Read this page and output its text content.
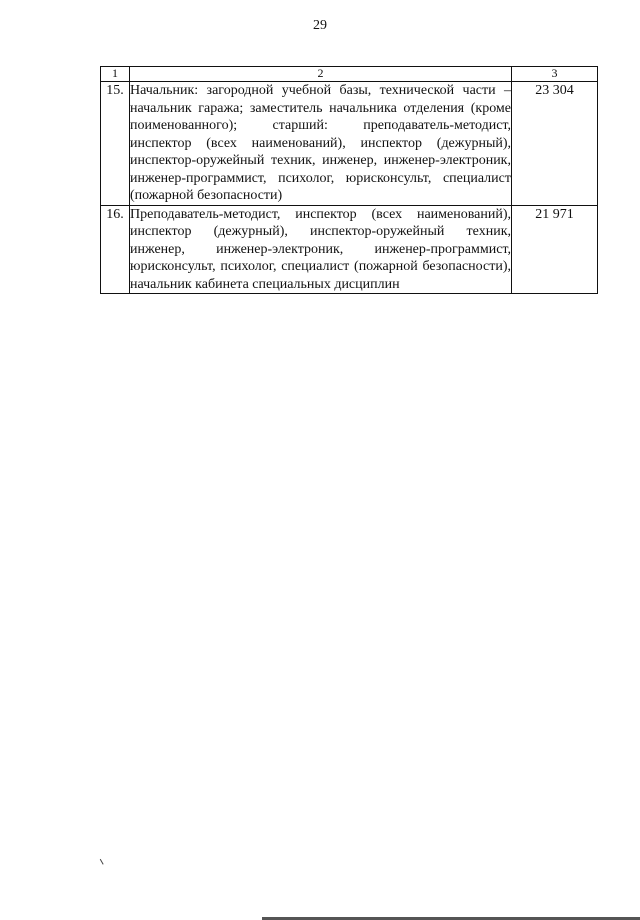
29
1	2	3
15.	Начальник: загородной учебной базы, технической части – начальник гаража; заместитель начальника отделения (кроме поименованного); старший: преподаватель-методист, инспектор (всех наименований), инспектор (дежурный), инспектор-оружейный техник, инженер, инженер-электроник, инженер-программист, психолог, юрисконсульт, специалист (пожарной безопасности)	23 304
16.	Преподаватель-методист, инспектор (всех наименований), инспектор (дежурный), инспектор-оружейный техник, инженер, инженер-электроник, инженер-программист, юрисконсульт, психолог, специалист (пожарной безопасности), начальник кабинета специальных дисциплин	21 971
